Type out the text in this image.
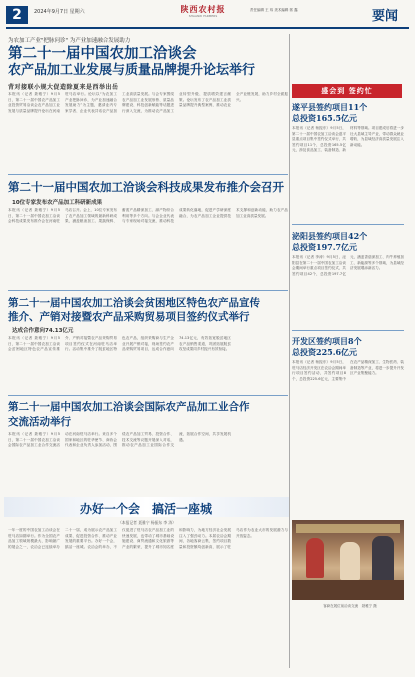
2	2024年9月7日 星期六	陕西农村报
SHAANXI FARMERS
责任编辑 王 玮 美术编辑 郭 鑫	要闻
为农加工产业"把脉问诊" 为产业加速融合发展助力
第二十一届中国农加工洽谈会
农产品加工业发展与质量品牌提升论坛举行
背对接联小规大促造除夏来是西举出岳
本报讯（记者 聂雅宁）9月5日，第二十一届中国农产品加工业投资贸易洽谈会农产品加工业发展与质量品牌提升论坛在河南驻马店举行。论坛以“为农加工产业把脉问诊，为产业加速融合发展助力”为主题，邀请业内专家学者、企业代表共话农产品加工业高质量发展。与会专家围绕农产品加工业发展形势、质量品牌建设、科技创新赋能等话题进行深入交流，为推动农产品加工业转型升级、提质增效建言献策。论坛发布了农产品加工业质量品牌提升典型案例，推动农业全产业链发展，助力乡村全面振兴。
第二十一届中国农加工洽谈会科技成果发布推介会召开
10位专家发布农产品加工科研新成果
本报讯（记者 聂雅宁）9月5日，第二十一届中国农加工洽谈会科技成果发布推介会在河南驻马店召开。会上，10位专家发布了农产品加工领域的最新科研成果，涵盖粮油加工、果蔬保鲜、畜禽产品精深加工、副产物综合利用等多个方向。与会企业代表与专家现场对接交流，推动科技成果转化落地，促进产学研深度融合，为农产品加工企业提供技术支撑和创新动能，助力农产品加工业高质量发展。
第二十一届中国农加工洽谈会贫困地区特色农产品宣传
推介、产销对接暨农产品采购贸易项目签约仪式举行
达成合作意向74.13亿元
本报讯（记者 聂雅宁）9月5日，第二十一届中国农加工洽谈会贫困地区特色农产品宣传推介、产销对接暨农产品采购贸易项目签约仪式在河南驻马店举行。活动集中推介了脱贫地区特色农产品，组织采购商与生产企业开展产销对接，现场签约农产品采购贸易项目，达成合作意向74.13亿元，有效拓宽脱贫地区农产品销售渠道，巩固拓展脱贫攻坚成果同乡村振兴有效衔接。
第二十一届中国农加工洽谈会国际农产品加工业合作
交流活动举行
本报讯（记者 聂雅宁）9月5日，第二十一届中国农加工洽谈会国际农产品加工业合作交流活动在河南驻马店举行。来自多个国家和地区的驻华使节、商协会代表和企业负责人参加活动，围绕农产品加工贸易、投资合作、技术交流等议题开展深入对话，推动农产品加工业国际合作交流，拓展合作空间，共享发展机遇。
办好一个会　搞活一座城
（本报记者 聂雅宁 杨振东 李 涛）
一年一度的中国农加工洽谈会在驻马店如期举行。作为全国农产品加工领域规模最大、影响最广的展会之一，农洽会已连续举办二十一届，成为展示农产品加工成果、促进投资合作、推动产业发展的重要平台。办好一个会，搞活一座城。农洽会的举办，不仅促进了驻马店农产品加工业的快速发展，也带动了城市基础设施建设、商贸流通和文化旅游等产业的繁荣，提升了城市知名度和影响力，为地方经济社会发展注入了强劲动力。本届农洽会期间，各地客商云集，签约项目数量和投资额均创新高，展示了驻马店作为农业大市的发展潜力与开放姿态。
盛会到 签约忙
遂平县签约项目11个
总投资165.5亿元
本报讯（记者 杨振东）9月5日，第二十一届中国农加工洽谈会遂平县重点项目集中签约仪式举行，共签约项目11个，总投资165.5亿元，涉及食品加工、装备制造、新材料等领域。项目建成后将进一步壮大县域主导产业，带动群众就业增收，为县域经济高质量发展注入新动能。
泌阳县签约项目42个
总投资197.7亿元
本报讯（记者 李涛）9月5日，泌阳县在第二十一届中国农加工洽谈会期间举行重点项目签约仪式，共签约项目42个，总投资197.7亿元，涵盖香菇深加工、肉牛养殖加工、新能源等多个领域，为县域经济发展增添新活力。
开发区签约项目8个
总投资225.6亿元
本报讯（记者 杨振东）9月5日，驻马店经济开发区在农洽会期间举行项目签约活动，共签约项目8个，总投资225.6亿元，主要集中在农产品精深加工、生物医药、装备制造等产业，将进一步提升开发区产业集聚能力。
客商在展位前洽谈交流　聂雅宁 摄
